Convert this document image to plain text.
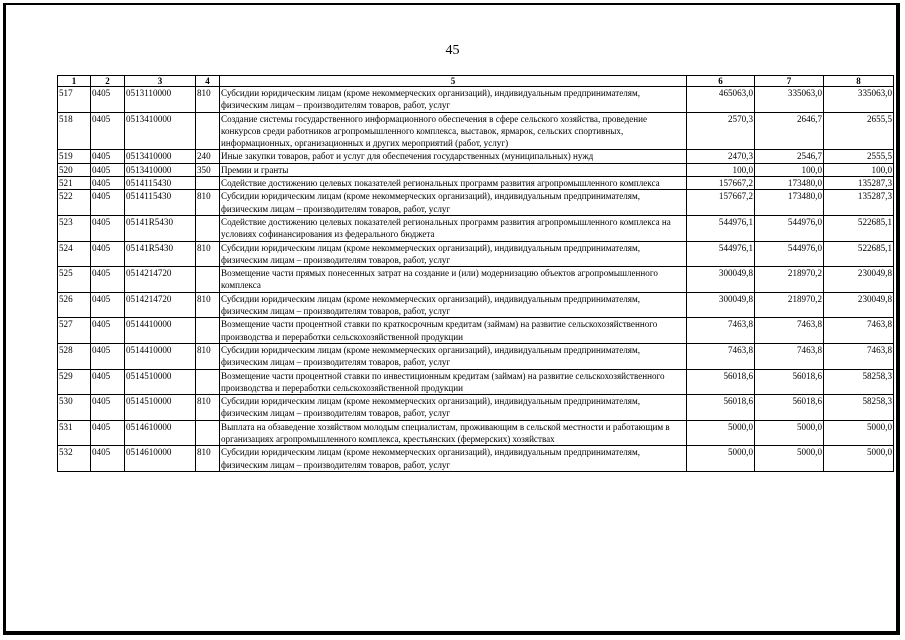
45
1	2	3	4	5	6	7	8
517	0405	0513110000	810	Субсидии юридическим лицам (кроме некоммерческих организаций), индивидуальным предпринимателям, физическим лицам – производителям товаров, работ, услуг	465063,0	335063,0	335063,0
518	0405	0513410000		Создание системы государственного информационного обеспечения в сфере сельского хозяйства, проведение конкурсов среди работников агропромышленного комплекса, выставок, ярмарок, сельских спортивных, информационных, организационных и других мероприятий (работ, услуг)	2570,3	2646,7	2655,5
519	0405	0513410000	240	Иные закупки товаров, работ и услуг для обеспечения государственных (муниципальных) нужд	2470,3	2546,7	2555,5
520	0405	0513410000	350	Премии и гранты	100,0	100,0	100,0
521	0405	0514115430		Содействие достижению целевых показателей региональных программ развития агропромышленного комплекса	157667,2	173480,0	135287,3
522	0405	0514115430	810	Субсидии юридическим лицам (кроме некоммерческих организаций), индивидуальным предпринимателям, физическим лицам – производителям товаров, работ, услуг	157667,2	173480,0	135287,3
523	0405	05141R5430		Содействие достижению целевых показателей региональных программ развития агропромышленного комплекса на условиях софинансирования из федерального бюджета	544976,1	544976,0	522685,1
524	0405	05141R5430	810	Субсидии юридическим лицам (кроме некоммерческих организаций), индивидуальным предпринимателям, физическим лицам – производителям товаров, работ, услуг	544976,1	544976,0	522685,1
525	0405	0514214720		Возмещение части прямых понесенных затрат на создание и (или) модернизацию объектов агропромышленного комплекса	300049,8	218970,2	230049,8
526	0405	0514214720	810	Субсидии юридическим лицам (кроме некоммерческих организаций), индивидуальным предпринимателям, физическим лицам – производителям товаров, работ, услуг	300049,8	218970,2	230049,8
527	0405	0514410000		Возмещение части процентной ставки по краткосрочным кредитам (займам) на развитие сельскохозяйственного производства и переработки сельскохозяйственной продукции	7463,8	7463,8	7463,8
528	0405	0514410000	810	Субсидии юридическим лицам (кроме некоммерческих организаций), индивидуальным предпринимателям, физическим лицам – производителям товаров, работ, услуг	7463,8	7463,8	7463,8
529	0405	0514510000		Возмещение части процентной ставки по инвестиционным кредитам (займам) на развитие сельскохозяйственного производства и переработки сельскохозяйственной продукции	56018,6	56018,6	58258,3
530	0405	0514510000	810	Субсидии юридическим лицам (кроме некоммерческих организаций), индивидуальным предпринимателям, физическим лицам – производителям товаров, работ, услуг	56018,6	56018,6	58258,3
531	0405	0514610000		Выплата на обзаведение хозяйством молодым специалистам, проживающим в сельской местности и работающим в организациях агропромышленного комплекса, крестьянских (фермерских) хозяйствах	5000,0	5000,0	5000,0
532	0405	0514610000	810	Субсидии юридическим лицам (кроме некоммерческих организаций), индивидуальным предпринимателям, физическим лицам – производителям товаров, работ, услуг	5000,0	5000,0	5000,0
